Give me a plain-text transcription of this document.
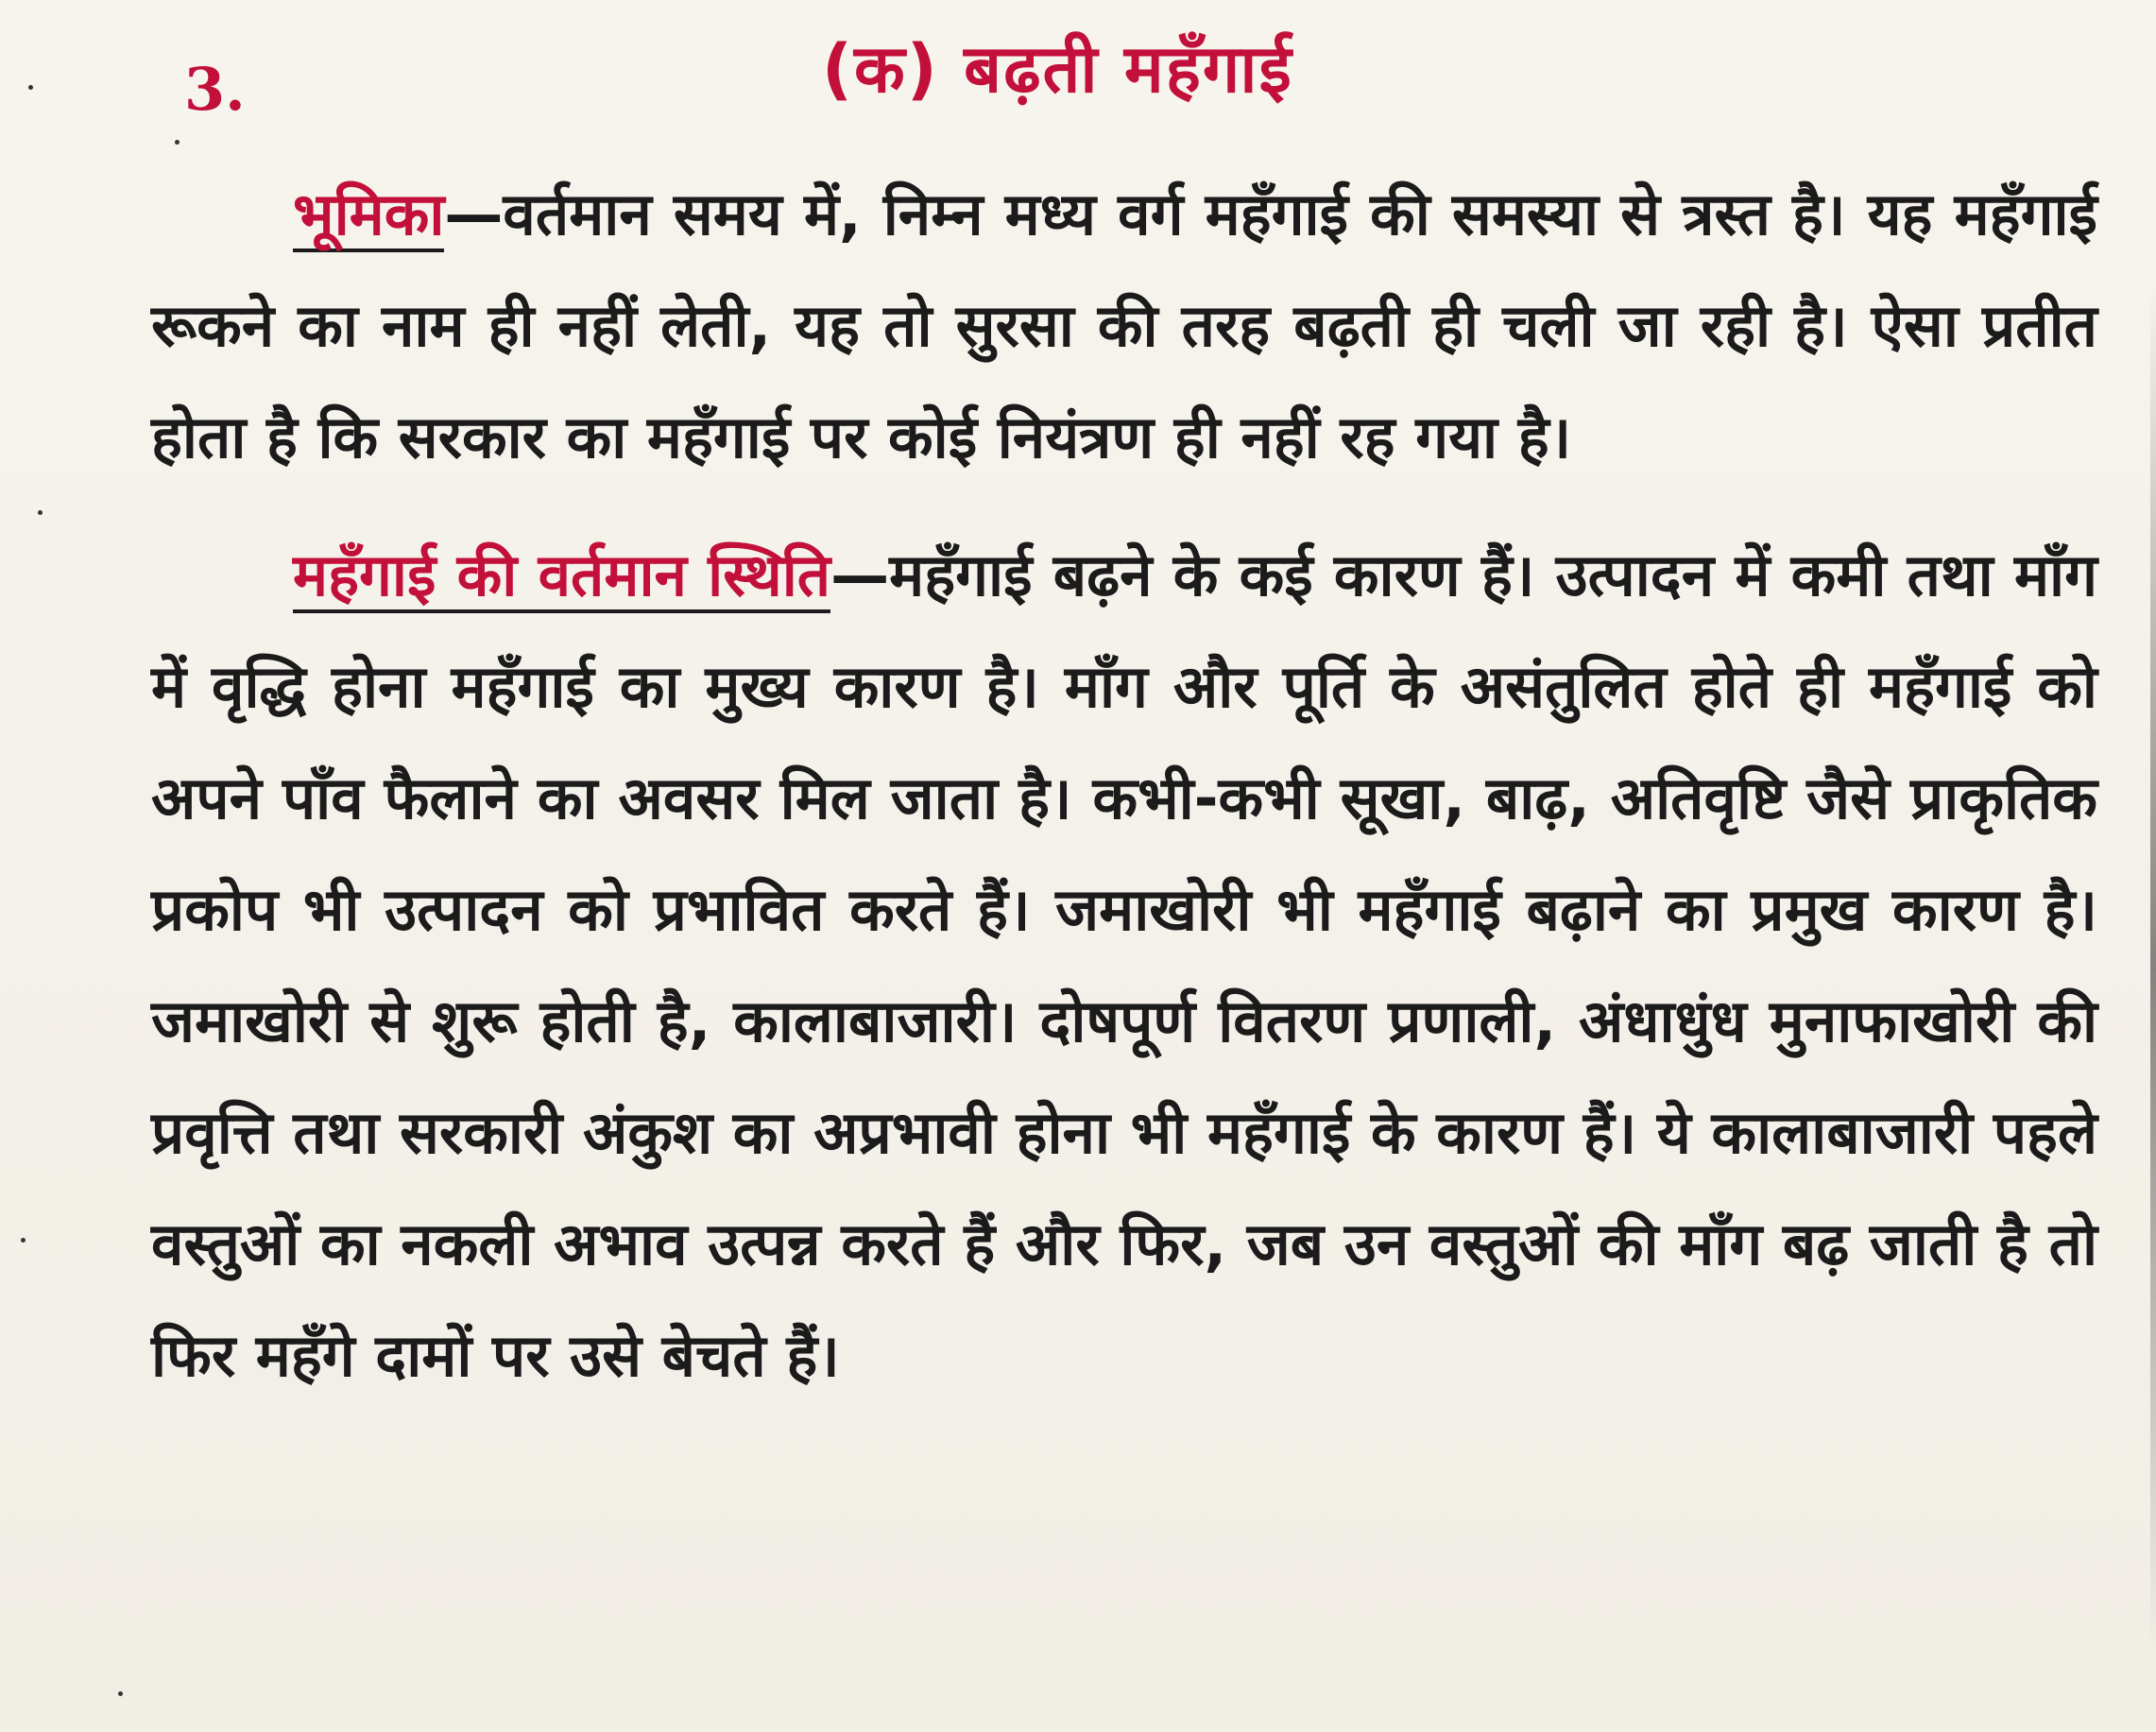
3.	(क) बढ़ती महँगाई

भूमिका—वर्तमान समय में, निम्न मध्य वर्ग महँगाई की समस्या से त्रस्त है। यह महँगाई रूकने का नाम ही नहीं लेती, यह तो सुरसा की तरह बढ़ती ही चली जा रही है। ऐसा प्रतीत होता है कि सरकार का महँगाई पर कोई नियंत्रण ही नहीं रह गया है।

महँगाई की वर्तमान स्थिति—महँगाई बढ़ने के कई कारण हैं। उत्पादन में कमी तथा माँग में वृद्धि होना महँगाई का मुख्य कारण है। माँग और पूर्ति के असंतुलित होते ही महँगाई को अपने पाँव फैलाने का अवसर मिल जाता है। कभी-कभी सूखा, बाढ़, अतिवृष्टि जैसे प्राकृतिक प्रकोप भी उत्पादन को प्रभावित करते हैं। जमाखोरी भी महँगाई बढ़ाने का प्रमुख कारण है। जमाखोरी से शुरू होती है, कालाबाजारी। दोषपूर्ण वितरण प्रणाली, अंधाधुंध मुनाफाखोरी की प्रवृत्ति तथा सरकारी अंकुश का अप्रभावी होना भी महँगाई के कारण हैं। ये कालाबाजारी पहले वस्तुओं का नकली अभाव उत्पन्न करते हैं और फिर, जब उन वस्तुओं की माँग बढ़ जाती है तो फिर महँगे दामों पर उसे बेचते हैं।
